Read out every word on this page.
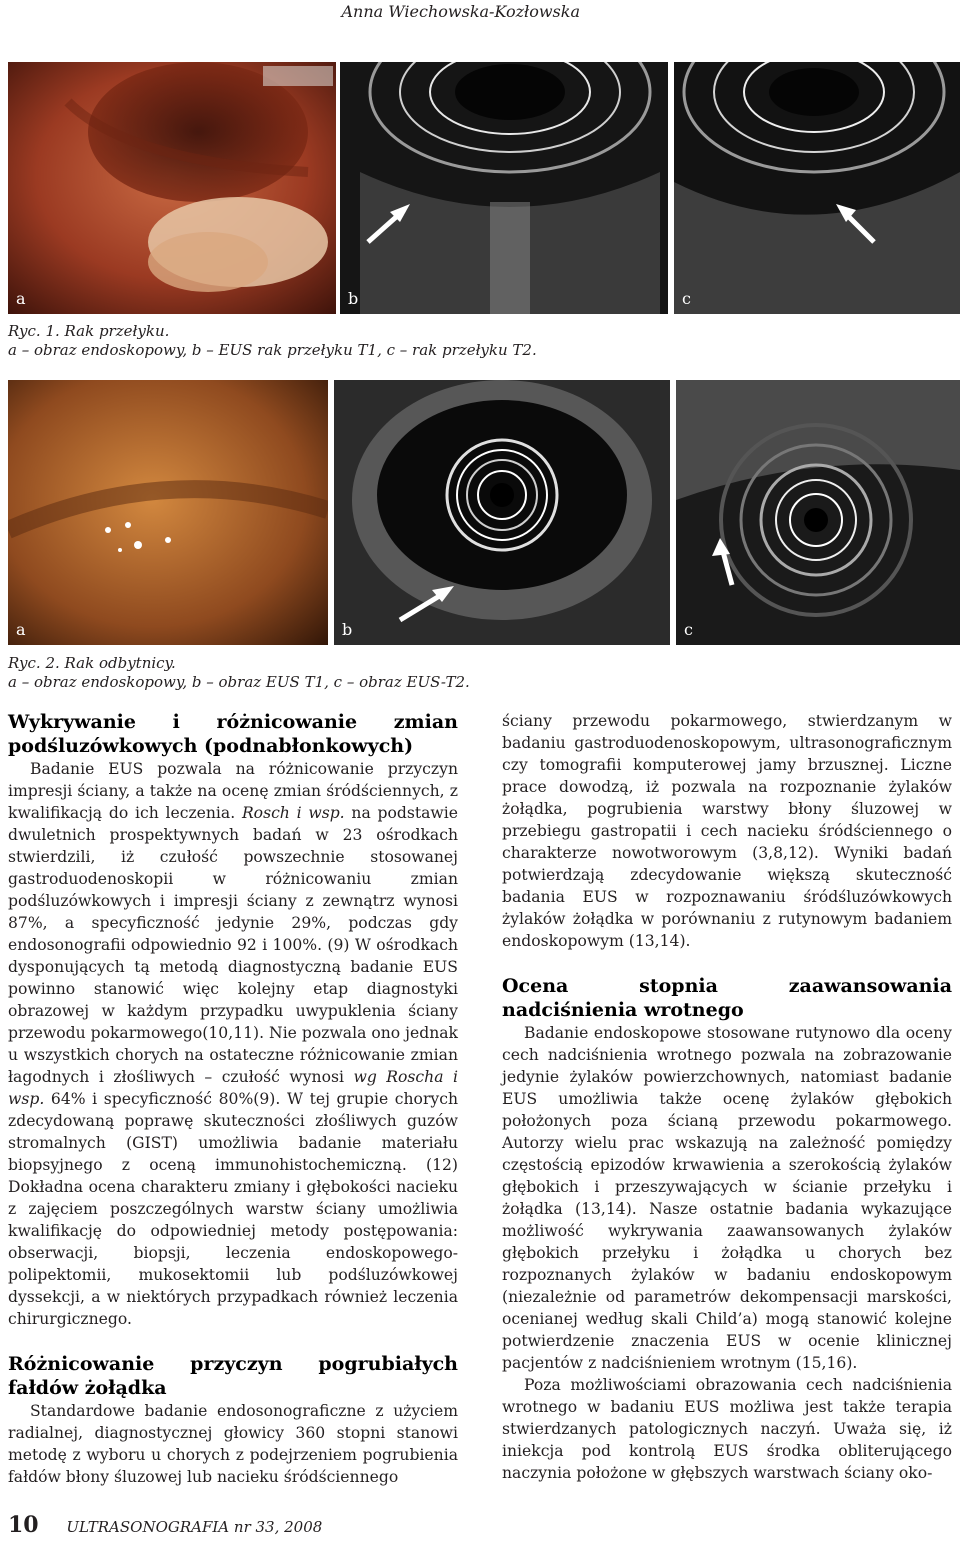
Anna Wiechowska-Kozłowska
a	b	c
Ryc. 1. Rak przełyku.
a – obraz endoskopowy, b – EUS rak przełyku T1, c – rak przełyku T2.
a	b	c
Ryc. 2. Rak odbytnicy.
a – obraz endoskopowy, b – obraz EUS T1, c – obraz EUS-T2.
Wykrywanie i różnicowanie zmian podśluzówkowych (podnabłonkowych)

Badanie EUS pozwala na różnicowanie przyczyn impresji ściany, a także na ocenę zmian śródściennych, z kwalifikacją do ich leczenia. Rosch i wsp. na podstawie dwuletnich prospektywnych badań w 23 ośrodkach stwierdzili, iż czułość powszechnie stosowanej gastroduodenoskopii w różnicowaniu zmian podśluzówkowych i impresji ściany z zewnątrz wynosi 87%, a specyficzność jedynie 29%, podczas gdy endosonografii odpowiednio 92 i 100%. (9) W ośrodkach dysponujących tą metodą diagnostyczną badanie EUS powinno stanowić więc kolejny etap diagnostyki obrazowej w każdym przypadku uwypuklenia ściany przewodu pokarmowego(10,11). Nie pozwala ono jednak u wszystkich chorych na ostateczne różnicowanie zmian łagodnych i złośliwych – czułość wynosi wg Roscha i wsp. 64% i specyficzność 80%(9). W tej grupie chorych zdecydowaną poprawę skuteczności złośliwych guzów stromalnych (GIST) umożliwia badanie materiału biopsyjnego z oceną immunohistochemiczną. (12) Dokładna ocena charakteru zmiany i głębokości nacieku z zajęciem poszczególnych warstw ściany umożliwia kwalifikację do odpowiedniej metody postępowania: obserwacji, biopsji, leczenia endoskopowego-polipektomii, mukosektomii lub podśluzówkowej dyssekcji, a w niektórych przypadkach również leczenia chirurgicznego.

Różnicowanie przyczyn pogrubiałych fałdów żołądka

Standardowe badanie endosonograficzne z użyciem radialnej, diagnostycznej głowicy 360 stopni stanowi metodę z wyboru u chorych z podejrzeniem pogrubienia fałdów błony śluzowej lub nacieku śródściennego

ściany przewodu pokarmowego, stwierdzanym w badaniu gastroduodenoskopowym, ultrasonograficznym czy tomografii komputerowej jamy brzusznej. Liczne prace dowodzą, iż pozwala na rozpoznanie żylaków żołądka, pogrubienia warstwy błony śluzowej w przebiegu gastropatii i cech nacieku śródściennego o charakterze nowotworowym (3,8,12). Wyniki badań potwierdzają zdecydowanie większą skuteczność badania EUS w rozpoznawaniu śródśluzówkowych żylaków żołądka w porównaniu z rutynowym badaniem endoskopowym (13,14).

Ocena stopnia zaawansowania nadciśnienia wrotnego

Badanie endoskopowe stosowane rutynowo dla oceny cech nadciśnienia wrotnego pozwala na zobrazowanie jedynie żylaków powierzchownych, natomiast badanie EUS umożliwia także ocenę żylaków głębokich położonych poza ścianą przewodu pokarmowego. Autorzy wielu prac wskazują na zależność pomiędzy częstością epizodów krwawienia a szerokością żylaków głębokich i przeszywających w ścianie przełyku i żołądka (13,14). Nasze ostatnie badania wykazujące możliwość wykrywania zaawansowanych żylaków głębokich przełyku i żołądka u chorych bez rozpoznanych żylaków w badaniu endoskopowym (niezależnie od parametrów dekompensacji marskości, ocenianej według skali Child’a) mogą stanowić kolejne potwierdzenie znaczenia EUS w ocenie klinicznej pacjentów z nadciśnieniem wrotnym (15,16).

Poza możliwościami obrazowania cech nadciśnienia wrotnego w badaniu EUS możliwa jest także terapia stwierdzanych patologicznych naczyń. Uważa się, iż iniekcja pod kontrolą EUS środka obliterującego naczynia położone w głębszych warstwach ściany oko-

10 ULTRASONOGRAFIA nr 33, 2008
